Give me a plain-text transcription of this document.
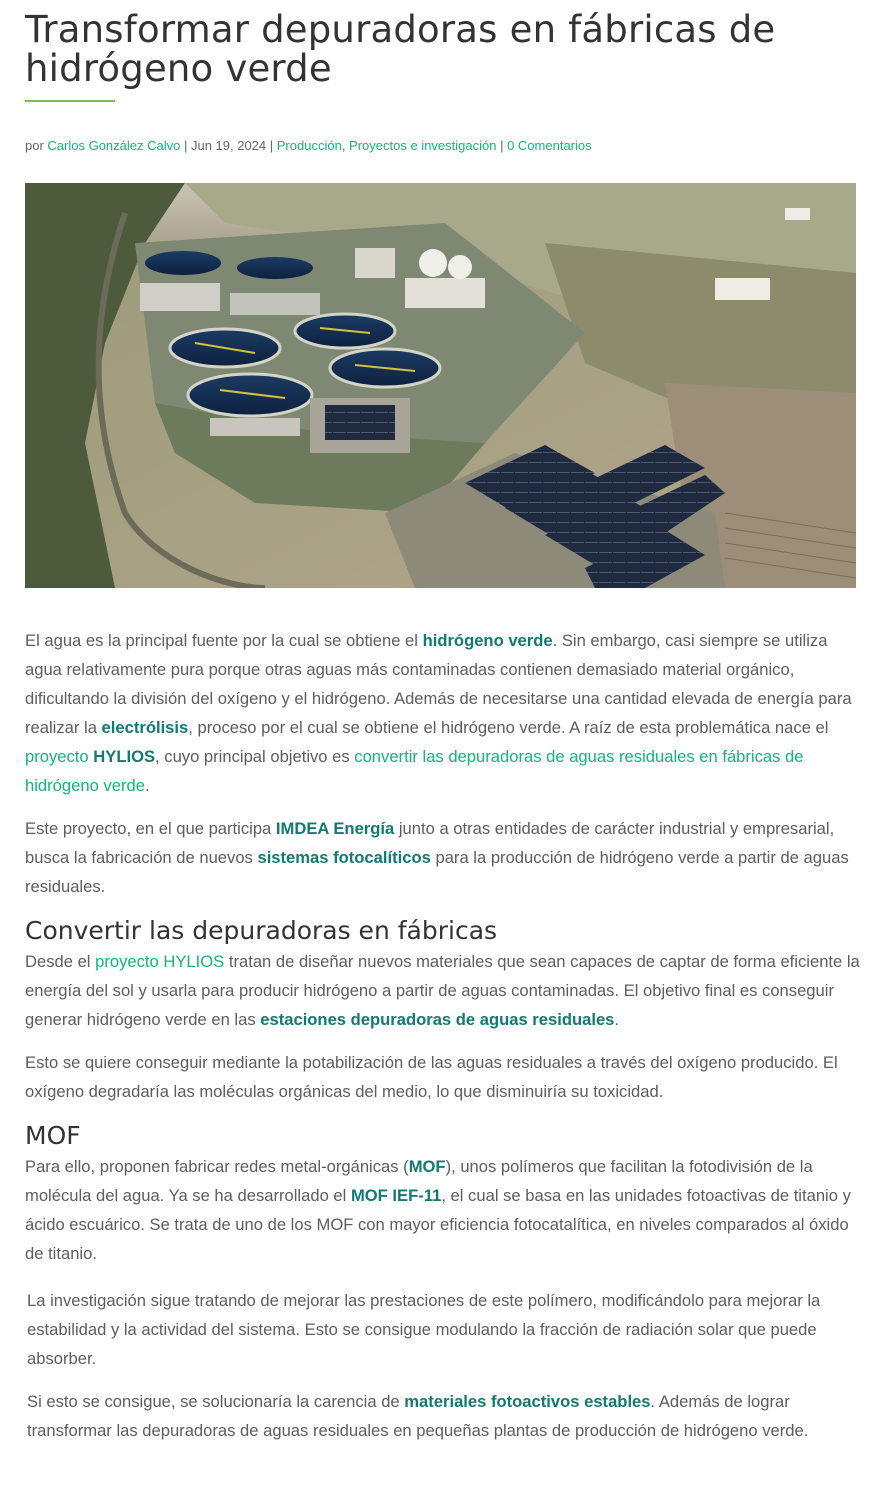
Transformar depuradoras en fábricas de hidrógeno verde
por Carlos González Calvo | Jun 19, 2024 | Producción, Proyectos e investigación | 0 Comentarios

El agua es la principal fuente por la cual se obtiene el hidrógeno verde. Sin embargo, casi siempre se utiliza agua relativamente pura porque otras aguas más contaminadas contienen demasiado material orgánico, dificultando la división del oxígeno y el hidrógeno. Además de necesitarse una cantidad elevada de energía para realizar la electrólisis, proceso por el cual se obtiene el hidrógeno verde. A raíz de esta problemática nace el proyecto HYLIOS, cuyo principal objetivo es convertir las depuradoras de aguas residuales en fábricas de hidrógeno verde.

Este proyecto, en el que participa IMDEA Energía junto a otras entidades de carácter industrial y empresarial, busca la fabricación de nuevos sistemas fotocalíticos para la producción de hidrógeno verde a partir de aguas residuales.

Convertir las depuradoras en fábricas

Desde el proyecto HYLIOS tratan de diseñar nuevos materiales que sean capaces de captar de forma eficiente la energía del sol y usarla para producir hidrógeno a partir de aguas contaminadas. El objetivo final es conseguir generar hidrógeno verde en las estaciones depuradoras de aguas residuales.

Esto se quiere conseguir mediante la potabilización de las aguas residuales a través del oxígeno producido. El oxígeno degradaría las moléculas orgánicas del medio, lo que disminuiría su toxicidad.

MOF

Para ello, proponen fabricar redes metal-orgánicas (MOF), unos polímeros que facilitan la fotodivisión de la molécula del agua. Ya se ha desarrollado el MOF IEF-11, el cual se basa en las unidades fotoactivas de titanio y ácido escuárico. Se trata de uno de los MOF con mayor eficiencia fotocatalítica, en niveles comparados al óxido de titanio.

La investigación sigue tratando de mejorar las prestaciones de este polímero, modificándolo para mejorar la estabilidad y la actividad del sistema. Esto se consigue modulando la fracción de radiación solar que puede absorber.

Si esto se consigue, se solucionaría la carencia de materiales fotoactivos estables. Además de lograr transformar las depuradoras de aguas residuales en pequeñas plantas de producción de hidrógeno verde.
